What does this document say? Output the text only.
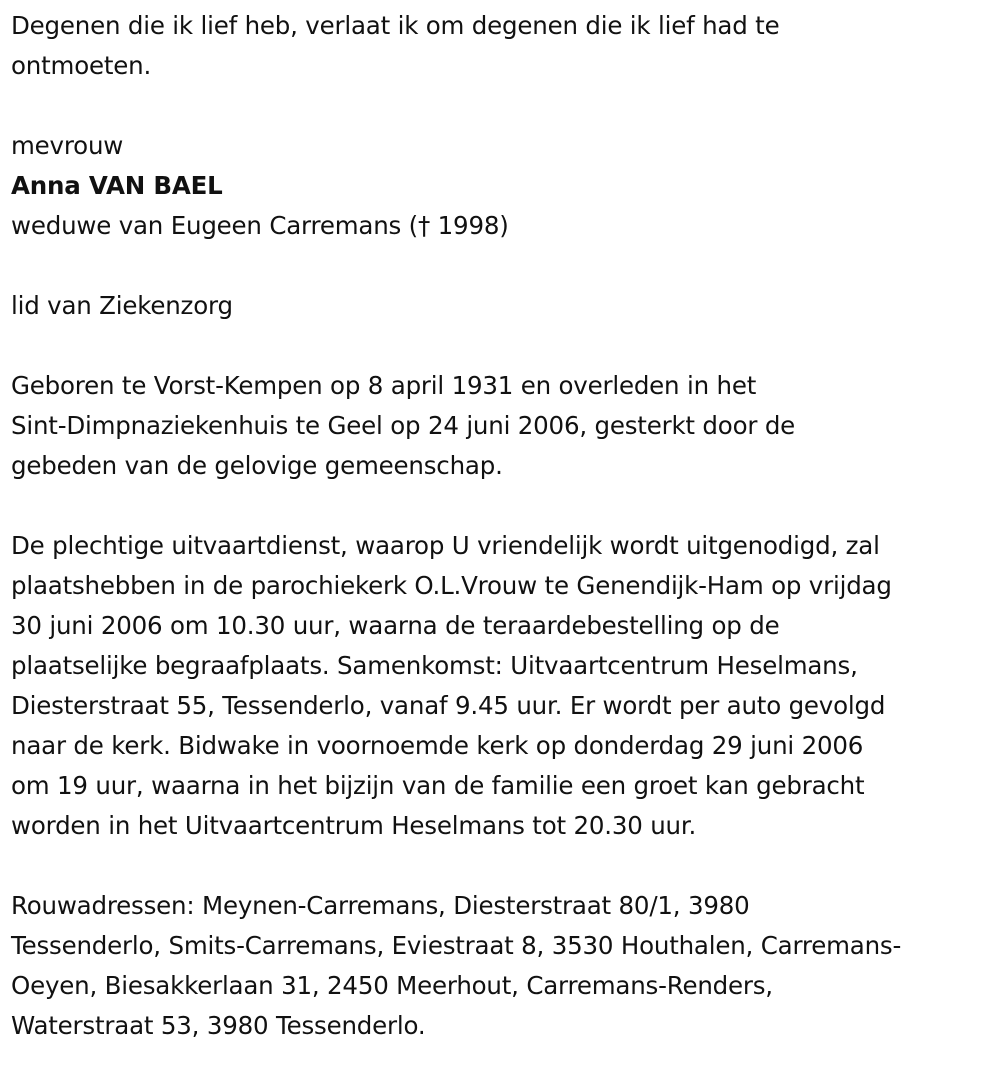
Degenen die ik lief heb, verlaat ik om degenen die ik lief had te
ontmoeten.
mevrouw
Anna VAN BAEL
weduwe van Eugeen Carremans († 1998)
lid van Ziekenzorg
Geboren te Vorst-Kempen op 8 april 1931 en overleden in het
Sint-Dimpnaziekenhuis te Geel op 24 juni 2006, gesterkt door de
gebeden van de gelovige gemeenschap.
De plechtige uitvaartdienst, waarop U vriendelijk wordt uitgenodigd, zal
plaatshebben in de parochiekerk O.L.Vrouw te Genendijk-Ham op vrijdag
30 juni 2006 om 10.30 uur, waarna de teraardebestelling op de
plaatselijke begraafplaats. Samenkomst: Uitvaartcentrum Heselmans,
Diesterstraat 55, Tessenderlo, vanaf 9.45 uur. Er wordt per auto gevolgd
naar de kerk. Bidwake in voornoemde kerk op donderdag 29 juni 2006
om 19 uur, waarna in het bijzijn van de familie een groet kan gebracht
worden in het Uitvaartcentrum Heselmans tot 20.30 uur.
Rouwadressen: Meynen-Carremans, Diesterstraat 80/1, 3980
Tessenderlo, Smits-Carremans, Eviestraat 8, 3530 Houthalen, Carremans-
Oeyen, Biesakkerlaan 31, 2450 Meerhout, Carremans-Renders,
Waterstraat 53, 3980 Tessenderlo.
